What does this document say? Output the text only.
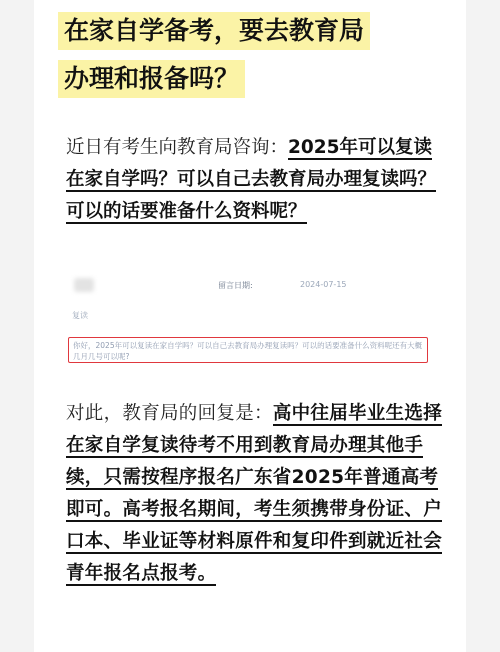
在家自学备考，要去教育局
办理和报备吗？
近日有考生向教育局咨询：2025年可以复读在家自学吗？可以自己去教育局办理复读吗？可以的话要准备什么资料呢？
留言日期:	2024-07-15
复读
你好，2025年可以复读在家自学吗？可以自己去教育局办理复读吗？可以的话要准备什么资料呢还有大概几月几号可以呢?
对此，教育局的回复是：高中往届毕业生选择在家自学复读待考不用到教育局办理其他手续，只需按程序报名广东省2025年普通高考即可。高考报名期间，考生须携带身份证、户口本、毕业证等材料原件和复印件到就近社会青年报名点报考。
